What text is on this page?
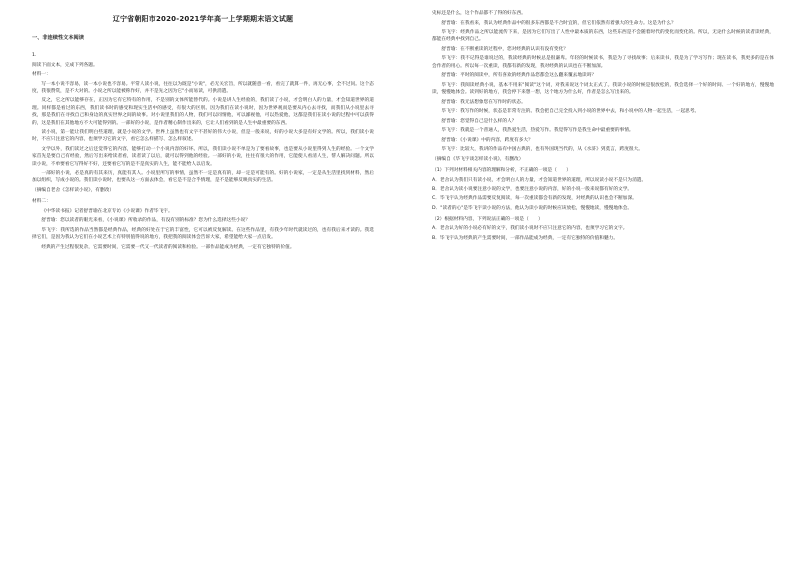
辽宁省朝阳市2020-2021学年高一上学期期末语文试题
一、非连续性文本阅读
1.
阅读下面文本，完成下列各题。
材料一：
写一本小说不容易，读一本小说也不容易。平常人读小说，往往以为既是"小说"，必无关宏旨，所以就随意一看，看完了就算一件，再无心事，全不过问。这个态度，我很赞赏，是不大对的。小说之所以能被称作好，并不是先之因为它"小而易读，可供消遣。
反之，它之所以能够存在，正因为它有它特有的作用，不是别的文体所能替代的。小说是讲人生经验的，我们读了小说，才会明白人的力量，才会知道世界的道理。同样都是看过的东西，我们读书时的感受和现实生活中的感受，有很大的区别。因为我们在读小说时，因为世界观而是要从内心去寻找，而我们从小说里去寻找，那是我们在寻找自己和身边的真实世界之间的故事。对小说里我们的人物，我们可以同情他，可以鄙视他，可以热爱他，这都是我们在读小说的过程中可以获得的，这是我们在其他地方不大可能得到的。一部好的小说，是作者精心制作出来的，它让人们看到的是人生中最重要的东西。
读小说，第一能让我们明白些道理，就是小说的文学。世界上虽然也有文字不甚好的伟大小说，但是一般来说，好的小说大多是有好文学的。所以，我们读小说时，不应只注意它的内容，也须学习它的文字，看它怎么样描写、怎么样叙述。
文学以外，我们读过之后还觉得它的内容，能够打动一个小说内容的好坏。所以，我们读小说不单是为了要看故事，也是要从小说里得到人生的经验。一个文学家首先是要自己有经验，然后写出来给读者看，读者读了以后，就可以得到他的经验。一部好的小说，往往有很大的作用，它能使人看清人生，帮人解决问题。所以读小说，不单要看它写得好不好，还要看它写的是不是真实的人生，能不能给人以启发。
一部好的小说，必是真的有其来历，真能有其人。小说里所写的事情，虽然不一定是真有的，却一定是可能有的。好的小说家，一定是从生活里找到材料，然后加以组织，写成小说的。我们读小说时，也要从这一方面去体会，看它是不是合乎情理，是不是能够反映真实的生活。
（摘编自老舍《怎样读小说》，有删改）
材料二：
《中华读书报》记者舒晋瑜在北京专访《小说课》作者毕飞宇。
舒晋瑜：您以读者的眼光来看，《小说课》所收录的作品，有没有别的标准？您为什么选择这些小说？
毕飞宇：我所选的作品当然都是经典作品，经典的好处在于它的丰富性，它可以被反复解读。在这些作品里，有我少年时代就读过的，也有我后来才读的。我选择它们，是因为我认为它们在小说艺术上有特别值得说的地方，我把我的阅读体会告诉大家，希望能给大家一点启发。
经典的产生过程很复杂，它需要时间，它需要一代又一代读者的阅读和检验。一部作品能成为经典，一定有它独特的价值。
史标还是什么，这个作品都不了得的好东西。
舒晋瑜：在我看来，我认为经典作品中的很多东西都是不合时宜的，但它们依然有着强大的生命力。这是为什么？
毕飞宇：经典作品之所以能流传下来，是因为它们写出了人性中最本质的东西，这些东西是不会随着时代的变化而变化的。所以，无论什么时候的读者读经典，都能在经典中找到自己。
舒晋瑜：在不断重读的过程中，您对经典的认识有没有变化？
毕飞宇：我不记得是谁说过的，我读经典的时候总是很谦卑。年轻的时候读书，我是为了寻找故事；后来读书，我是为了学习写作；现在读书，我更多的是在体会作者的用心。所以每一次重读，我都有新的发现，我对经典的认识也在不断加深。
舒晋瑜：平时的阅读中，所有喜欢的经典作品您都会这么翻来覆去地读吗？
毕飞宇：我阅读经典小说，基本不用来"阅读"这个词，对我来说这个词太正式了。我读小说的时候是很放松的，我会选择一个好的时间、一个好的地方，慢慢地读，慢慢地体会。读到好的地方，我会停下来想一想，这个地方为什么好，作者是怎么写出来的。
舒晋瑜：我无法想象您在写作时的状态。
毕飞宇：我写作的时候，状态是非常专注的。我会把自己完全投入到小说的世界中去，和小说中的人物一起生活，一起思考。
舒晋瑜：您觉得自己是什么样的人？
毕飞宇：我就是一个普通人，我热爱生活，热爱写作。我觉得写作是我生命中最重要的事情。
舒晋瑜：《小说课》中的内容，跨度有多大？
毕飞宇：比较大，我讲的作品有中国古典的，也有外国现当代的，从《水浒》到莫言，跨度很大。
（摘编自《毕飞宇谈怎样读小说》，有删改）
（1）下列对材料相关内容的理解和分析，不正确的一项是（　　）
A．老舍认为我们只有读小说，才会明白人的力量，才会知道世界的道理，所以说读小说不是只为消遣。
B．老舍认为读小说要注意小说的文学，也要注意小说的内容，好的小说一般来说都有好的文学。
C．毕飞宇认为经典作品需要反复阅读，每一次重读都会有新的发现，对经典的认识也会不断加深。
D．"读者的心"是毕飞宇读小说的方法，他认为读小说的时候应该放松，慢慢地读，慢慢地体会。
（2）根据材料内容，下列说法正确的一项是（　　）
A．老舍认为好的小说必有好的文字，我们读小说时不应只注意它的内容，也须学习它的文字。
B．毕飞宇认为经典的产生需要时间，一部作品能成为经典，一定有它独特的价值和魅力。
